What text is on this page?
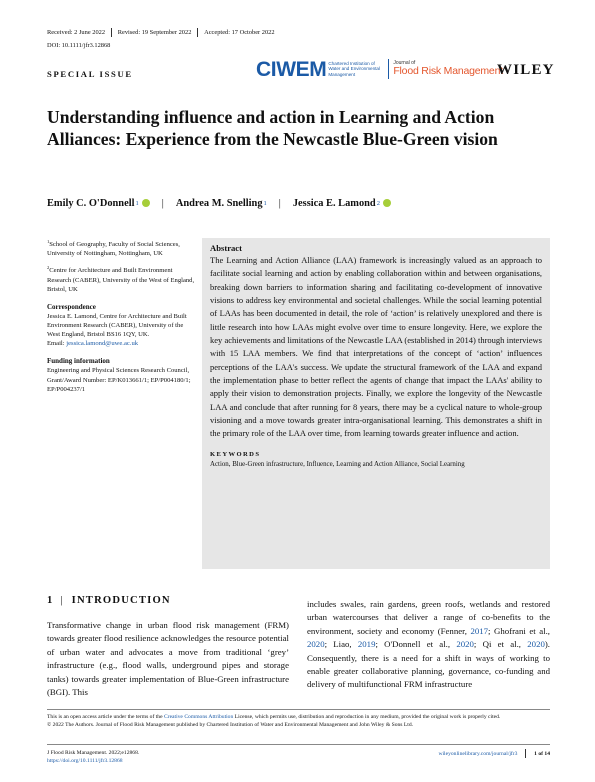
Received: 2 June 2022 Revised: 19 September 2022 Accepted: 17 October 2022
DOI: 10.1111/jfr3.12868
SPECIAL ISSUE	CIWEM Chartered Institution of Water and Environmental Management
Journal of
Flood Risk Management
WILEY
Understanding influence and action in Learning and Action Alliances: Experience from the Newcastle Blue-Green vision
Emily C. O'Donnell 1 | Andrea M. Snelling 1 | Jessica E. Lamond 2

$^1$School of Geography, Faculty of Social Sciences, University of Nottingham, Nottingham, UK

$^2$Centre for Architecture and Built Environment Research (CABER), University of the West of England, Bristol, UK

Correspondence

Jessica E. Lamond, Centre for Architecture and Built Environment Research (CABER), University of the West England, Bristol BS16 1QY, UK.
Email: jessica.lamond@uwe.ac.uk

Funding information

Engineering and Physical Sciences Research Council, Grant/Award Number: EP/K013661/1; EP/P004180/1; EP/P004237/1

Abstract
The Learning and Action Alliance (LAA) framework is increasingly valued as an approach to facilitate social learning and action by enabling collaboration within and between organisations, breaking down barriers to information sharing and facilitating co-development of innovative visions to address key environmental and societal challenges. While the social learning potential of LAAs has been documented in detail, the role of ‘action’ is relatively unexplored and there is little research into how LAAs might evolve over time to ensure longevity. Here, we explore the key achievements and limitations of the Newcastle LAA (established in 2014) through interviews with 15 LAA members. We find that interpretations of the concept of ‘action’ influences perceptions of the LAA's success. We update the structural framework of the LAA and expand the implementation phase to better reflect the agents of change that impact the LAAs' ability to apply their vision to demonstration projects. Finally, we explore the longevity of the Newcastle LAA and conclude that after running for 8 years, there may be a cyclical nature to whole-group visioning and a move towards greater intra-organisational learning. This demonstrates a shift in the primary role of the LAA over time, from learning towards greater influence and action.
KEYWORDS
Action, Blue-Green infrastructure, Influence, Learning and Action Alliance, Social Learning
1 | INTRODUCTION
Transformative change in urban flood risk management (FRM) towards greater flood resilience acknowledges the resource potential of urban water and advocates a move from traditional ‘grey’ infrastructure (e.g., flood walls, underground pipes and storage tanks) towards greater implementation of Blue-Green infrastructure (BGI). This
includes swales, rain gardens, green roofs, wetlands and restored urban watercourses that deliver a range of co-benefits to the environment, society and economy (Fenner, 2017; Ghofrani et al., 2020; Liao, 2019; O'Donnell et al., 2020; Qi et al., 2020). Consequently, there is a need for a shift in ways of working to enable greater collaborative planning, governance, co-funding and delivery of multifunctional FRM infrastructure
This is an open access article under the terms of the Creative Commons Attribution License, which permits use, distribution and reproduction in any medium, provided the original work is properly cited.
© 2022 The Authors. Journal of Flood Risk Management published by Chartered Institution of Water and Environmental Management and John Wiley & Sons Ltd.
J Flood Risk Management. 2022;e12868.
https://doi.org/10.1111/jfr3.12868
wileyonlinelibrary.com/journal/jfr3	1 of 14
